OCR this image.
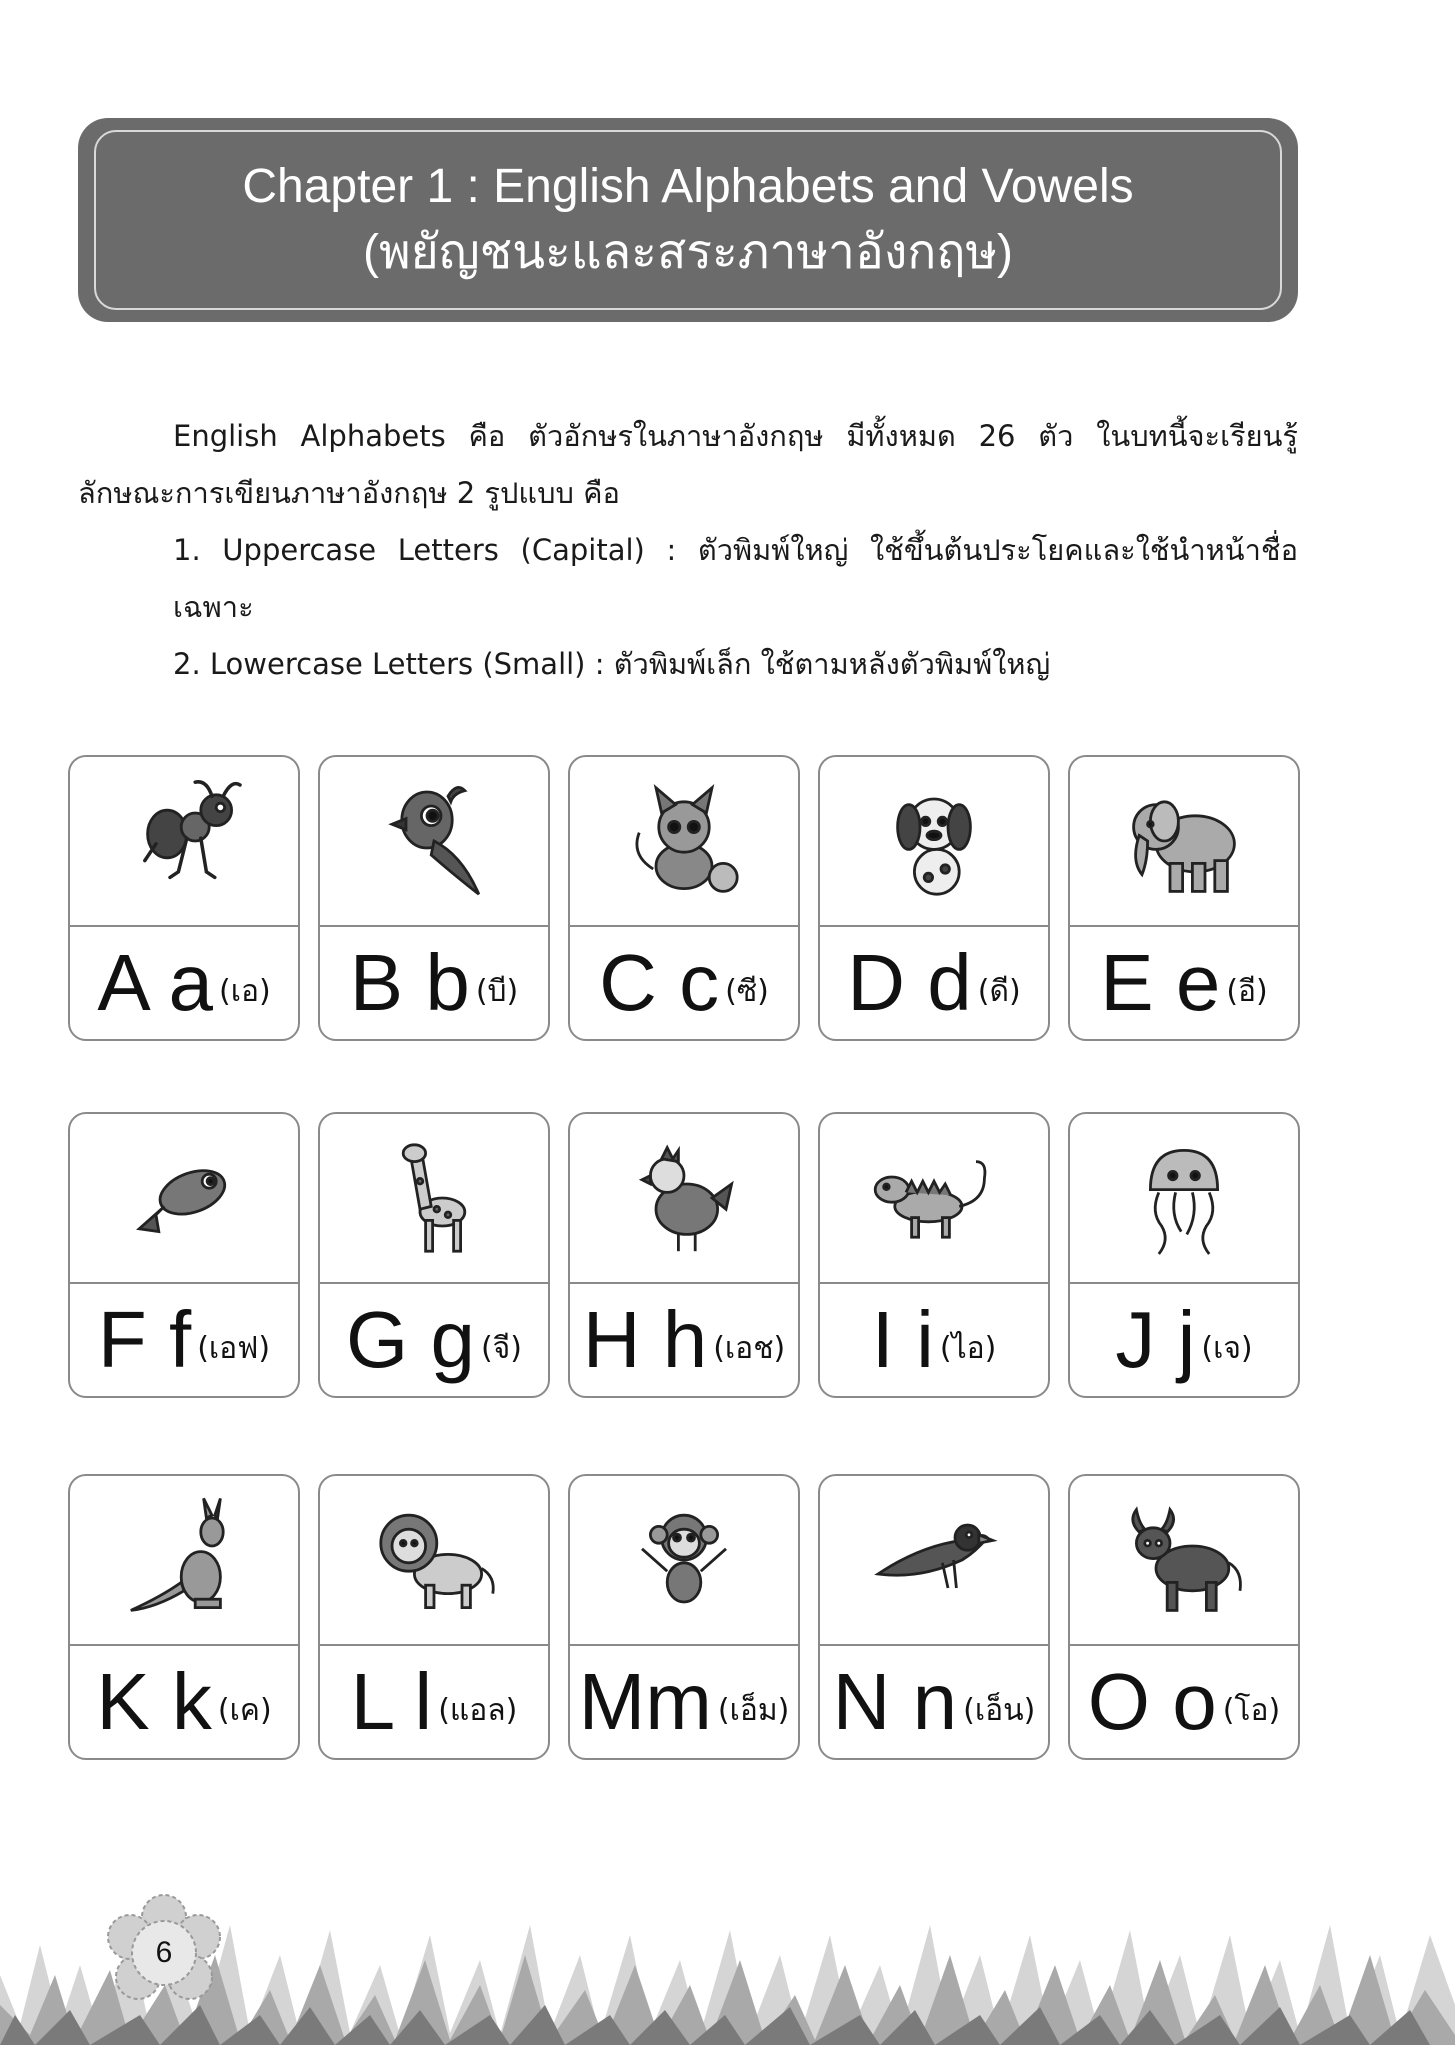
Chapter 1 : English Alphabets and Vowels
(พยัญชนะและสระภาษาอังกฤษ)

English Alphabets คือ ตัวอักษรในภาษาอังกฤษ มีทั้งหมด 26 ตัว ในบทนี้จะเรียนรู้ลักษณะการเขียนภาษาอังกฤษ 2 รูปแบบ คือ

1. Uppercase Letters (Capital) : ตัวพิมพ์ใหญ่ ใช้ขึ้นต้นประโยคและใช้นำหน้าชื่อเฉพาะ

2. Lowercase Letters (Small) : ตัวพิมพ์เล็ก ใช้ตามหลังตัวพิมพ์ใหญ่

A a (เอ) B b (บี) C c (ซี) D d (ดี) E e (อี)
F f (เอฟ) G g (จี) H h (เอช) I i (ไอ) J j (เจ)
K k (เค) L l (แอล) Mm (เอ็ม) N n (เอ็น) O o (โอ)
6
